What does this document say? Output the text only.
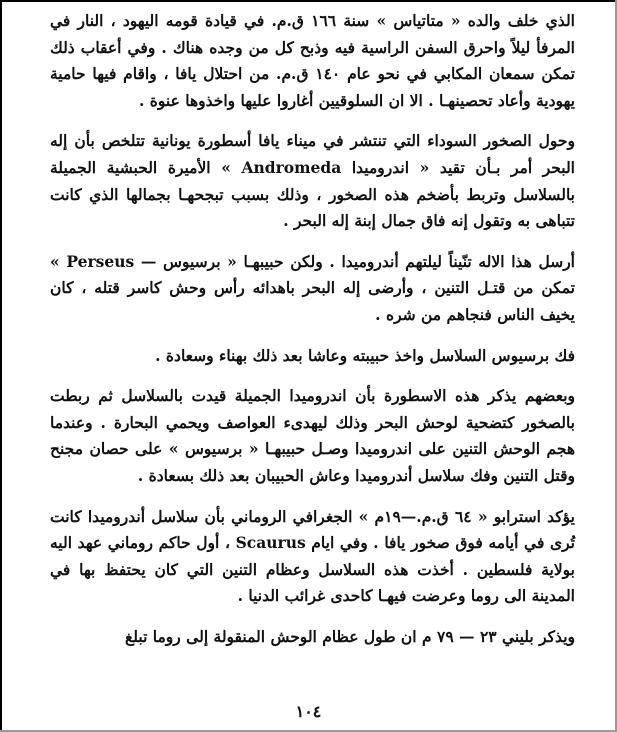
الذي خلف والده « متاتياس » سنة ١٦٦ ق.م. في قيادة قومه اليهود ، النار في المرفأ ليلاً واحرق السفن الراسية فيه وذبح كل من وجده هناك . وفي أعقاب ذلك تمكن سمعان المكابي في نحو عام ١٤٠ ق.م. من احتلال يافا ، واقام فيها حامية يهودية وأعاد تحصينهـا . الا ان السلوقيين أغاروا عليها واخذوها عنوة .

وحول الصخور السوداء التي تنتشر في ميناء يافا أسطورة يونانية تتلخص بأن إله البحر أمر بـأن تقيد « اندروميدا Andromeda » الأميرة الحبشية الجميلة بالسلاسل وتربط بأضخم هذه الصخور ، وذلك بسبب تبجحهـا بجمالها الذي كانت تتباهى به وتقول إنه فاق جمال إبنة إله البحر .

أرسل هذا الاله تنّيناً ليلتهم أندروميدا . ولكن حبيبهـا « برسيوس — Perseus » تمكن من قتـل التنين ، وأرضى إله البحر باهدائه رأس وحش كاسر قتله ، كان يخيف الناس فنجاهم من شره .

فك برسيوس السلاسل واخذ حبيبته وعاشا بعد ذلك بهناء وسعادة .

وبعضهم يذكر هذه الاسطورة بأن اندروميدا الجميلة قيدت بالسلاسل ثم ربطت بالصخور كتضحية لوحش البحر وذلك ليهدىء العواصف ويحمي البحارة . وعندما هجم الوحش التنين على اندروميدا وصـل حبيبهـا « برسيوس » على حصان مجنح وقتل التنين وفك سلاسل أندروميدا وعاش الحبيبان بعد ذلك بسعادة .

يؤكد استرابو « ٦٤ ق.م.—١٩م » الجغرافي الروماني بأن سلاسل أندروميدا كانت تُرى في أيامه فوق صخور يافا . وفي ايام Scaurus ، أول حاكم روماني عهد اليه بولاية فلسطين . أخذت هذه السلاسل وعظام التنين التي كان يحتفظ بها في المدينة الى روما وعرضت فيهـا كاحدى غرائب الدنيا .

ويذكر بليني ٢٣ — ٧٩ م ان طول عظام الوحش المنقولة إلى روما تبلغ

١٠٤
